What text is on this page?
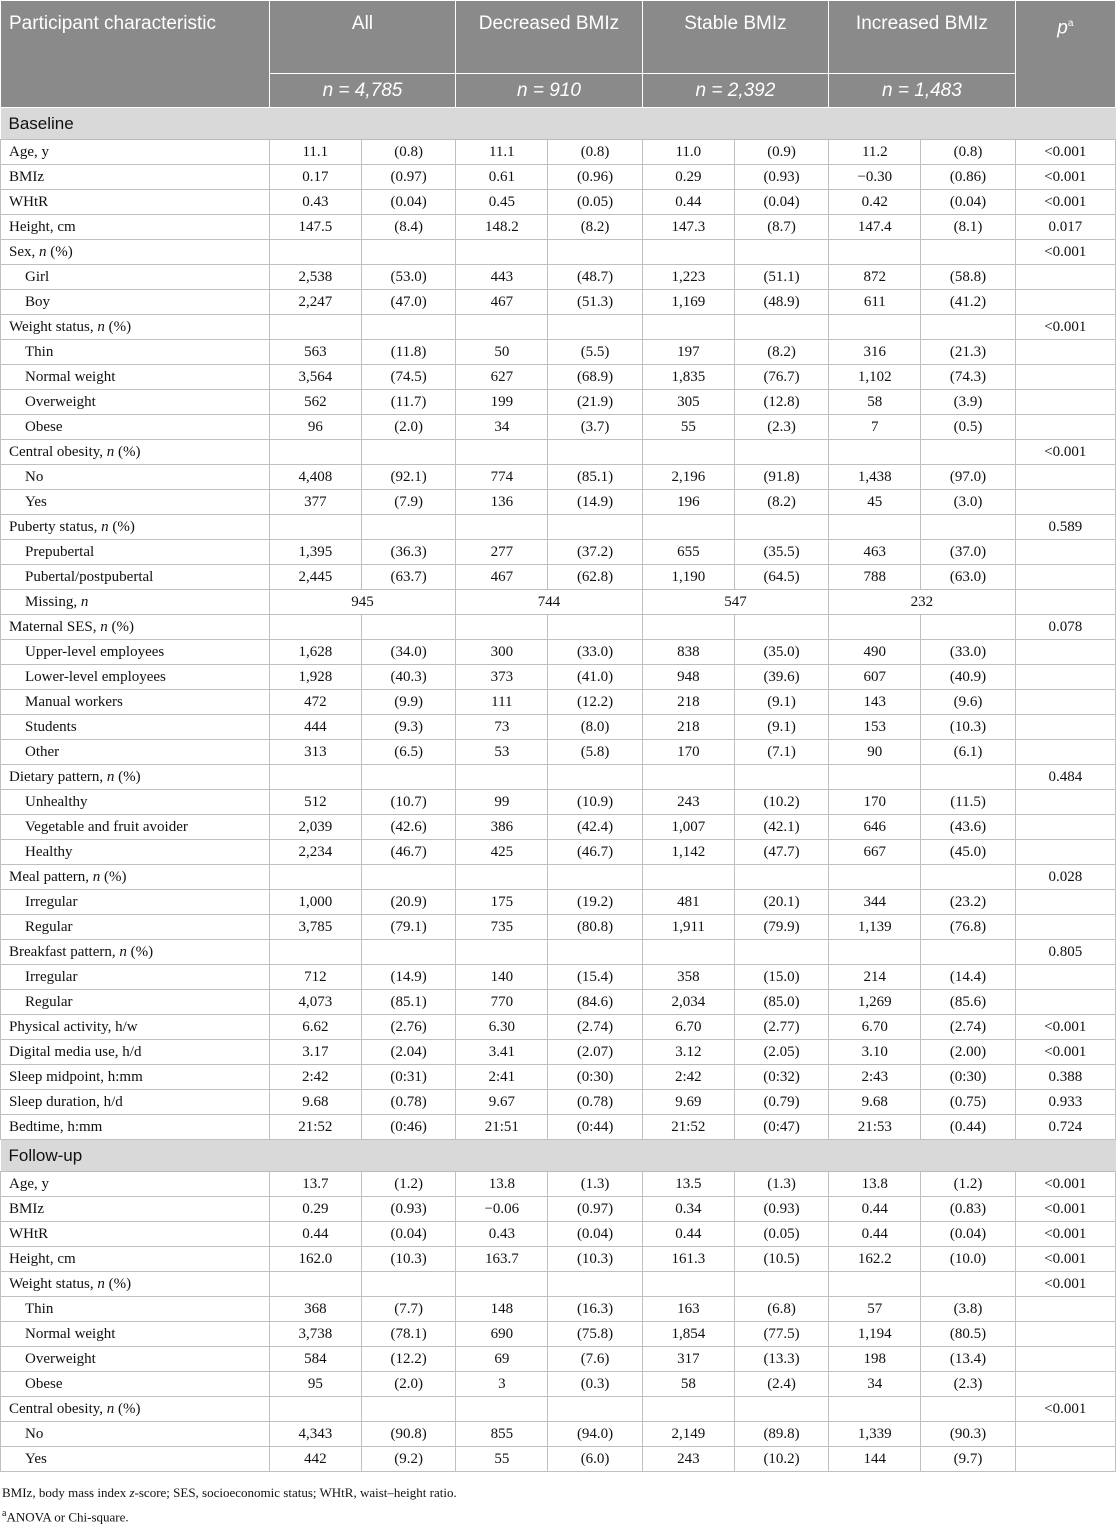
Participant characteristic	All		Decreased BMIz		Stable BMIz		Increased BMIz		$p^a$
	n = 4,785		n = 910		n = 2,392		n = 1,483		
Baseline									
Age, y	11.1	(0.8)	11.1	(0.8)	11.0	(0.9)	11.2	(0.8)	<0.001
BMIz	0.17	(0.97)	0.61	(0.96)	0.29	(0.93)	−0.30	(0.86)	<0.001
WHtR	0.43	(0.04)	0.45	(0.05)	0.44	(0.04)	0.42	(0.04)	<0.001
Height, cm	147.5	(8.4)	148.2	(8.2)	147.3	(8.7)	147.4	(8.1)	0.017
Sex, n (%)									<0.001
Girl	2,538	(53.0)	443	(48.7)	1,223	(51.1)	872	(58.8)	
Boy	2,247	(47.0)	467	(51.3)	1,169	(48.9)	611	(41.2)	
Weight status, n (%)									<0.001
Thin	563	(11.8)	50	(5.5)	197	(8.2)	316	(21.3)	
Normal weight	3,564	(74.5)	627	(68.9)	1,835	(76.7)	1,102	(74.3)	
Overweight	562	(11.7)	199	(21.9)	305	(12.8)	58	(3.9)	
Obese	96	(2.0)	34	(3.7)	55	(2.3)	7	(0.5)	
Central obesity, n (%)									<0.001
No	4,408	(92.1)	774	(85.1)	2,196	(91.8)	1,438	(97.0)	
Yes	377	(7.9)	136	(14.9)	196	(8.2)	45	(3.0)	
Puberty status, n (%)									0.589
Prepubertal	1,395	(36.3)	277	(37.2)	655	(35.5)	463	(37.0)	
Pubertal/postpubertal	2,445	(63.7)	467	(62.8)	1,190	(64.5)	788	(63.0)	
Missing, n	945		744		547		232		
Maternal SES, n (%)									0.078
Upper-level employees	1,628	(34.0)	300	(33.0)	838	(35.0)	490	(33.0)	
Lower-level employees	1,928	(40.3)	373	(41.0)	948	(39.6)	607	(40.9)	
Manual workers	472	(9.9)	111	(12.2)	218	(9.1)	143	(9.6)	
Students	444	(9.3)	73	(8.0)	218	(9.1)	153	(10.3)	
Other	313	(6.5)	53	(5.8)	170	(7.1)	90	(6.1)	
Dietary pattern, n (%)									0.484
Unhealthy	512	(10.7)	99	(10.9)	243	(10.2)	170	(11.5)	
Vegetable and fruit avoider	2,039	(42.6)	386	(42.4)	1,007	(42.1)	646	(43.6)	
Healthy	2,234	(46.7)	425	(46.7)	1,142	(47.7)	667	(45.0)	
Meal pattern, n (%)									0.028
Irregular	1,000	(20.9)	175	(19.2)	481	(20.1)	344	(23.2)	
Regular	3,785	(79.1)	735	(80.8)	1,911	(79.9)	1,139	(76.8)	
Breakfast pattern, n (%)									0.805
Irregular	712	(14.9)	140	(15.4)	358	(15.0)	214	(14.4)	
Regular	4,073	(85.1)	770	(84.6)	2,034	(85.0)	1,269	(85.6)	
Physical activity, h/w	6.62	(2.76)	6.30	(2.74)	6.70	(2.77)	6.70	(2.74)	<0.001
Digital media use, h/d	3.17	(2.04)	3.41	(2.07)	3.12	(2.05)	3.10	(2.00)	<0.001
Sleep midpoint, h:mm	2:42	(0:31)	2:41	(0:30)	2:42	(0:32)	2:43	(0:30)	0.388
Sleep duration, h/d	9.68	(0.78)	9.67	(0.78)	9.69	(0.79)	9.68	(0.75)	0.933
Bedtime, h:mm	21:52	(0:46)	21:51	(0:44)	21:52	(0:47)	21:53	(0.44)	0.724
Follow-up									
Age, y	13.7	(1.2)	13.8	(1.3)	13.5	(1.3)	13.8	(1.2)	<0.001
BMIz	0.29	(0.93)	−0.06	(0.97)	0.34	(0.93)	0.44	(0.83)	<0.001
WHtR	0.44	(0.04)	0.43	(0.04)	0.44	(0.05)	0.44	(0.04)	<0.001
Height, cm	162.0	(10.3)	163.7	(10.3)	161.3	(10.5)	162.2	(10.0)	<0.001
Weight status, n (%)									<0.001
Thin	368	(7.7)	148	(16.3)	163	(6.8)	57	(3.8)	
Normal weight	3,738	(78.1)	690	(75.8)	1,854	(77.5)	1,194	(80.5)	
Overweight	584	(12.2)	69	(7.6)	317	(13.3)	198	(13.4)	
Obese	95	(2.0)	3	(0.3)	58	(2.4)	34	(2.3)	
Central obesity, n (%)									<0.001
No	4,343	(90.8)	855	(94.0)	2,149	(89.8)	1,339	(90.3)	
Yes	442	(9.2)	55	(6.0)	243	(10.2)	144	(9.7)	
BMIz, body mass index z-score; SES, socioeconomic status; WHtR, waist–height ratio.
$^a$ANOVA or Chi-square.
